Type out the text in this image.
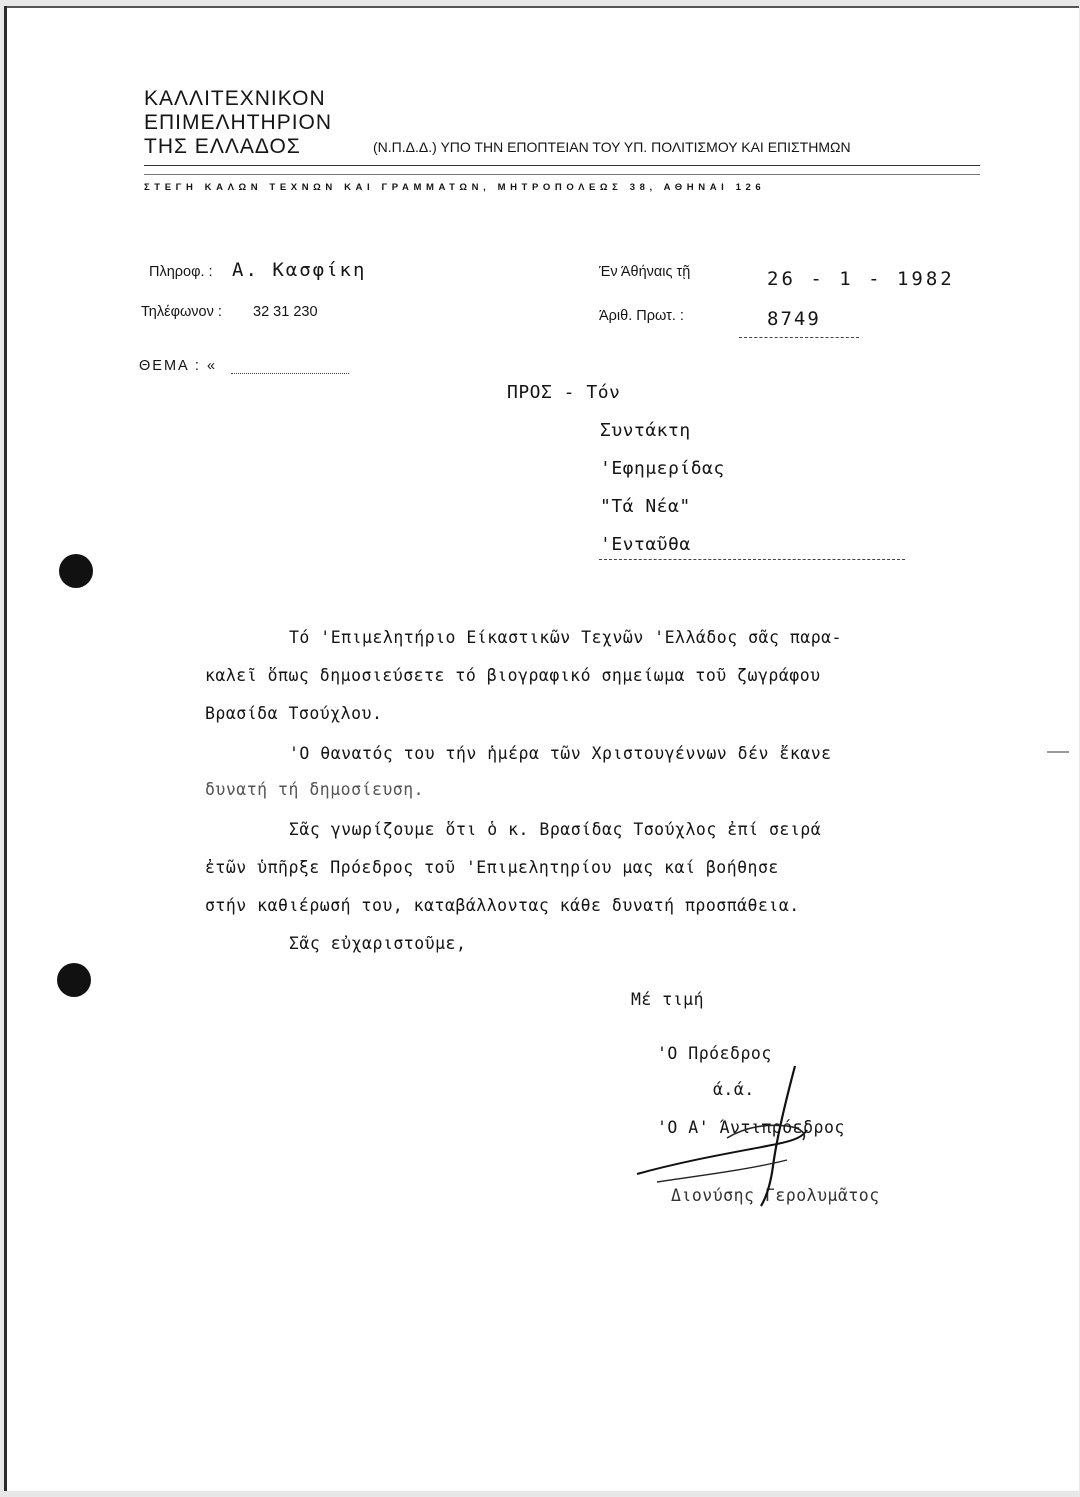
ΚΑΛΛΙΤΕΧΝΙΚΟΝ
ΕΠΙΜΕΛΗΤΗΡΙΟΝ
ΤΗΣ ΕΛΛΑΔΟΣ	(Ν.Π.Δ.Δ.) ΥΠΟ ΤΗΝ ΕΠΟΠΤΕΙΑΝ ΤΟΥ ΥΠ. ΠΟΛΙΤΙΣΜΟΥ ΚΑΙ ΕΠΙΣΤΗΜΩΝ
ΣΤΕΓΗ ΚΑΛΩΝ ΤΕΧΝΩΝ ΚΑΙ ΓΡΑΜΜΑΤΩΝ, ΜΗΤΡΟΠΟΛΕΩΣ 38, ΑΘΗΝΑΙ 126
Πληροφ. : Α. Κασφίκη
Τηλέφωνον : 32 31 230
ΘΕΜΑ : «
Έν Άθήναις τῇ	26 - 1 - 1982
Άριθ. Πρωτ. :	8749
ΠΡΟΣ - Τόν
Συντάκτη
'Εφημερίδας
"Τά Νέα"
'Ενταῦθα
Τό 'Επιμελητήριο Είκαστικῶν Τεχνῶν 'Ελλάδος σᾶς παρα-
καλεῖ ὅπως δημοσιεύσετε τό βιογραφικό σημείωμα τοῦ ζωγράφου
Βρασίδα Τσούχλου.
'Ο θανατός του τήν ἡμέρα τῶν Χριστουγέννων δέν ἔκανε
δυνατή τή δημοσίευση.
Σᾶς γνωρίζουμε ὅτι ὁ κ. Βρασίδας Τσούχλος ἐπί σειρά
ἐτῶν ὑπῆρξε Πρόεδρος τοῦ 'Επιμελητηρίου μας καί βοήθησε
στήν καθιέρωσή του, καταβάλλοντας κάθε δυνατή προσπάθεια.
Σᾶς εὐχαριστοῦμε,
Μέ τιμή
'Ο Πρόεδρος
ά.ά.
'Ο Α' Άντιπρόεδρος
Διονύσης Γερολυμᾶτος
